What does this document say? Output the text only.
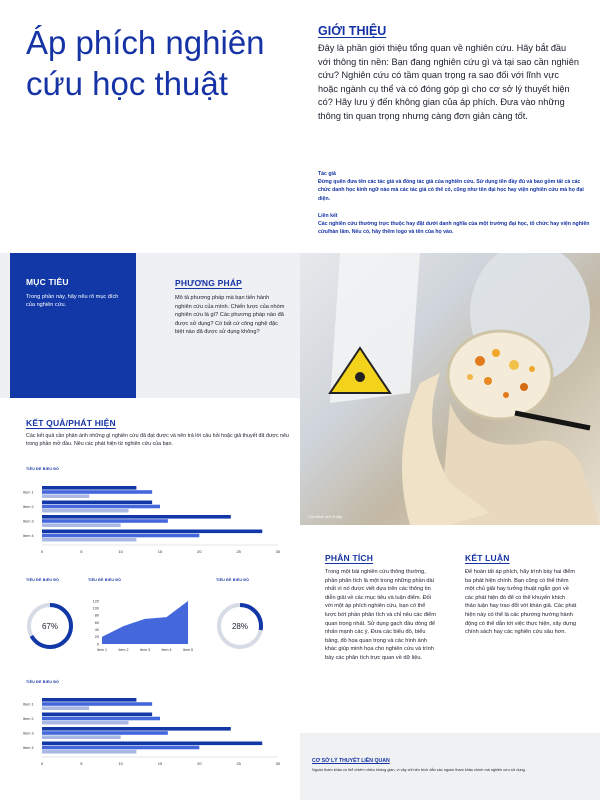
Áp phích nghiên cứu học thuật
GIỚI THIỆU

Đây là phần giới thiệu tổng quan về nghiên cứu. Hãy bắt đầu với thông tin nền: Bạn đang nghiên cứu gì và tại sao cần nghiên cứu? Nghiên cứu có tầm quan trọng ra sao đối với lĩnh vực hoặc ngành cụ thể và có đóng góp gì cho cơ sở lý thuyết hiện có? Hãy lưu ý đến không gian của áp phích. Đưa vào những thông tin quan trọng nhưng càng đơn giản càng tốt.

Tác giả
Đừng quên đưa tên các tác giả và đồng tác giả của nghiên cứu. Sử dụng tên đầy đủ và bao gồm tất cả các chức danh học kinh ngữ nào mà các tác giả có thể có, cũng như tên đại học hay viện nghiên cứu mà họ đại diện.
Liên kết
Các nghiên cứu thường trực thuộc hay đặt dưới danh nghĩa của một trường đại học, tổ chức hay viện nghiên cứu/hàn lâm. Nếu có, hãy thêm logo và tên của họ vào.
MỤC TIÊU

Trong phần này, hãy nêu rõ mục đích của nghiên cứu.

PHƯƠNG PHÁP

Mô tả phương pháp mà bạn tiến hành nghiên cứu của mình. Chiến lược của nhóm nghiên cứu là gì? Các phương pháp nào đã được sử dụng? Có bất cứ công nghệ đặc biệt nào đã được sử dụng không?

Chú thích ảnh ở đây
KẾT QUẢ/PHÁT HIỆN

Các kết quả cần phản ánh những gì nghiên cứu đã đạt được và nên trả lời câu hỏi hoặc giả thuyết đã được nêu trong phần mở đầu. Nêu các phát hiện từ nghiên cứu của bạn.

TIÊU ĐỀ BIỂU ĐỒ
Item 1
Item 2
Item 3
Item 4
0	5	10	15	20	25	30
TIÊU ĐỀ BIỂU ĐỒ
67%
TIÊU ĐỀ BIỂU ĐỒ
0
20
40
60
80
100
120
Item 1	Item 2	Item 3	Item 4	Item 5
TIÊU ĐỀ BIỂU ĐỒ
28%
TIÊU ĐỀ BIỂU ĐỒ
Item 1
Item 2
Item 3
Item 4
0	5	10	15	20	25	30
PHÂN TÍCH

Trong một bài nghiên cứu thông thường, phần phân tích là một trong những phần dài nhất vì nó được viết dựa trên các thông tin diễn giải về các mục tiêu và luận điểm. Đối với một áp phích nghiên cứu, bạn có thể lược bớt phần phân tích và chỉ nêu các điểm quan trọng nhất. Sử dụng gạch đầu dòng để nhấn mạnh các ý. Đưa các biểu đồ, biểu bảng, đồ họa quan trọng và các hình ảnh khác giúp minh họa cho nghiên cứu và trình bày các phân tích trực quan về dữ liệu.

KẾT LUẬN

Để hoàn tất áp phích, hãy trình bày hai điểm ba phát hiện chính. Bạn cũng có thể thêm một chủ giải hay tưởng thuật ngắn gọn về các phát hiện đó để có thể khuyến khích thảo luận hay trao đổi với khán giả. Các phát hiện này có thể là các phương hướng hành động có thể dẫn tới việc thực hiện, xây dựng chính sách hay các nghiên cứu sâu hơn.

CƠ SỞ LÝ THUYẾT LIÊN QUAN
Nguồn tham khảo có thể chiếm nhiều không gian, vì vậy chỉ nên trích dẫn các nguồn tham khảo chính mà nghiên cứu sử dụng.
